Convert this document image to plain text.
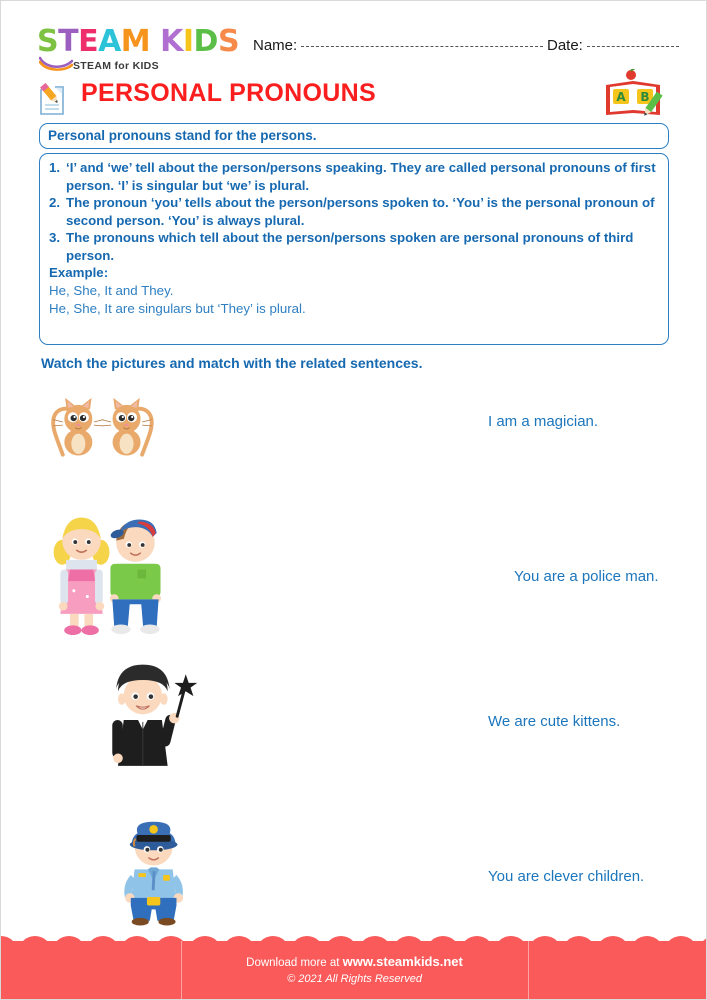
STEAM KIDS
STEAM for KIDS
Name:	Date:
PERSONAL PRONOUNS	A B
Personal pronouns stand for the persons.
1. ‘I’ and ‘we’ tell about the person/persons speaking. They are called personal pronouns of first person. ‘I’ is singular but ‘we’ is plural.
2. The pronoun ‘you’ tells about the person/persons spoken to. ‘You’ is the personal pronoun of second person. ‘You’ is always plural.
3. The pronouns which tell about the person/persons spoken are personal pronouns of third person.
Example:
He, She, It and They.
He, She, It are singulars but ‘They’ is plural.
Watch the pictures and match with the related sentences.
I am a magician.
You are a police man.
We are cute kittens.
You are clever children.
Download more at www.steamkids.net
© 2021 All Rights Reserved
